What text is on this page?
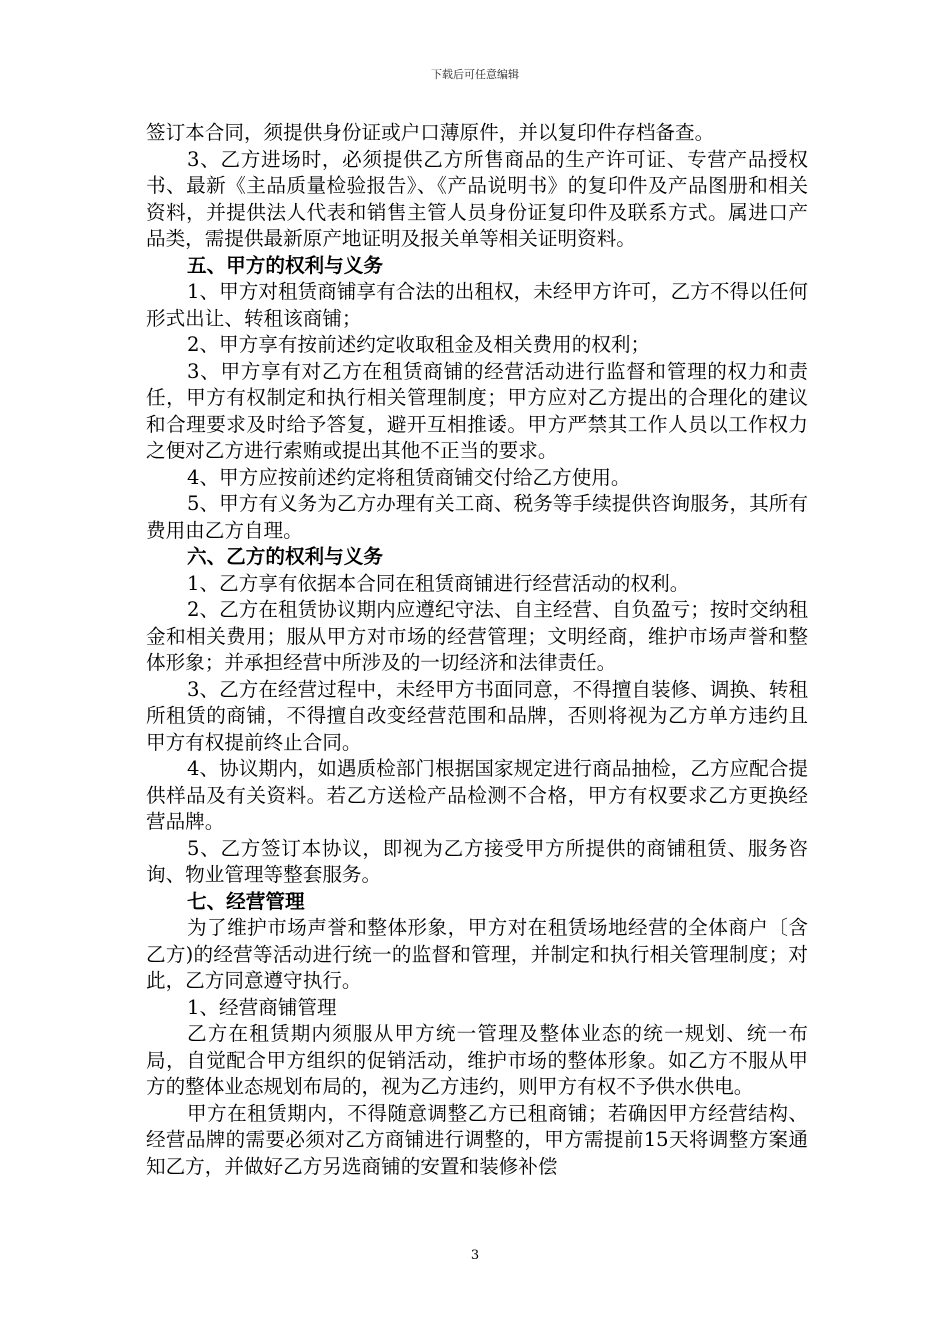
下载后可任意编辑

签订本合同，须提供身份证或户口薄原件，并以复印件存档备查。

3、乙方进场时，必须提供乙方所售商品的生产许可证、专营产品授权书、最新《主品质量检验报告》、《产品说明书》的复印件及产品图册和相关资料，并提供法人代表和销售主管人员身份证复印件及联系方式。属进口产品类，需提供最新原产地证明及报关单等相关证明资料。

五、甲方的权利与义务

1、甲方对租赁商铺享有合法的出租权，未经甲方许可，乙方不得以任何形式出让、转租该商铺；

2、甲方享有按前述约定收取租金及相关费用的权利；

3、甲方享有对乙方在租赁商铺的经营活动进行监督和管理的权力和责任，甲方有权制定和执行相关管理制度；甲方应对乙方提出的合理化的建议和合理要求及时给予答复，避开互相推诿。甲方严禁其工作人员以工作权力之便对乙方进行索贿或提出其他不正当的要求。

4、甲方应按前述约定将租赁商铺交付给乙方使用。

5、甲方有义务为乙方办理有关工商、税务等手续提供咨询服务，其所有费用由乙方自理。

六、乙方的权利与义务

1、乙方享有依据本合同在租赁商铺进行经营活动的权利。

2、乙方在租赁协议期内应遵纪守法、自主经营、自负盈亏；按时交纳租金和相关费用；服从甲方对市场的经营管理；文明经商，维护市场声誉和整体形象；并承担经营中所涉及的一切经济和法律责任。

3、乙方在经营过程中，未经甲方书面同意，不得擅自装修、调换、转租所租赁的商铺，不得擅自改变经营范围和品牌，否则将视为乙方单方违约且甲方有权提前终止合同。

4、协议期内，如遇质检部门根据国家规定进行商品抽检，乙方应配合提供样品及有关资料。若乙方送检产品检测不合格，甲方有权要求乙方更换经营品牌。

5、乙方签订本协议，即视为乙方接受甲方所提供的商铺租赁、服务咨询、物业管理等整套服务。

七、经营管理

为了维护市场声誉和整体形象，甲方对在租赁场地经营的全体商户〔含乙方)的经营等活动进行统一的监督和管理，并制定和执行相关管理制度；对此，乙方同意遵守执行。

1、经营商铺管理

乙方在租赁期内须服从甲方统一管理及整体业态的统一规划、统一布局，自觉配合甲方组织的促销活动，维护市场的整体形象。如乙方不服从甲方的整体业态规划布局的，视为乙方违约，则甲方有权不予供水供电。

甲方在租赁期内，不得随意调整乙方已租商铺；若确因甲方经营结构、经营品牌的需要必须对乙方商铺进行调整的，甲方需提前15天将调整方案通知乙方，并做好乙方另选商铺的安置和装修补偿

3
